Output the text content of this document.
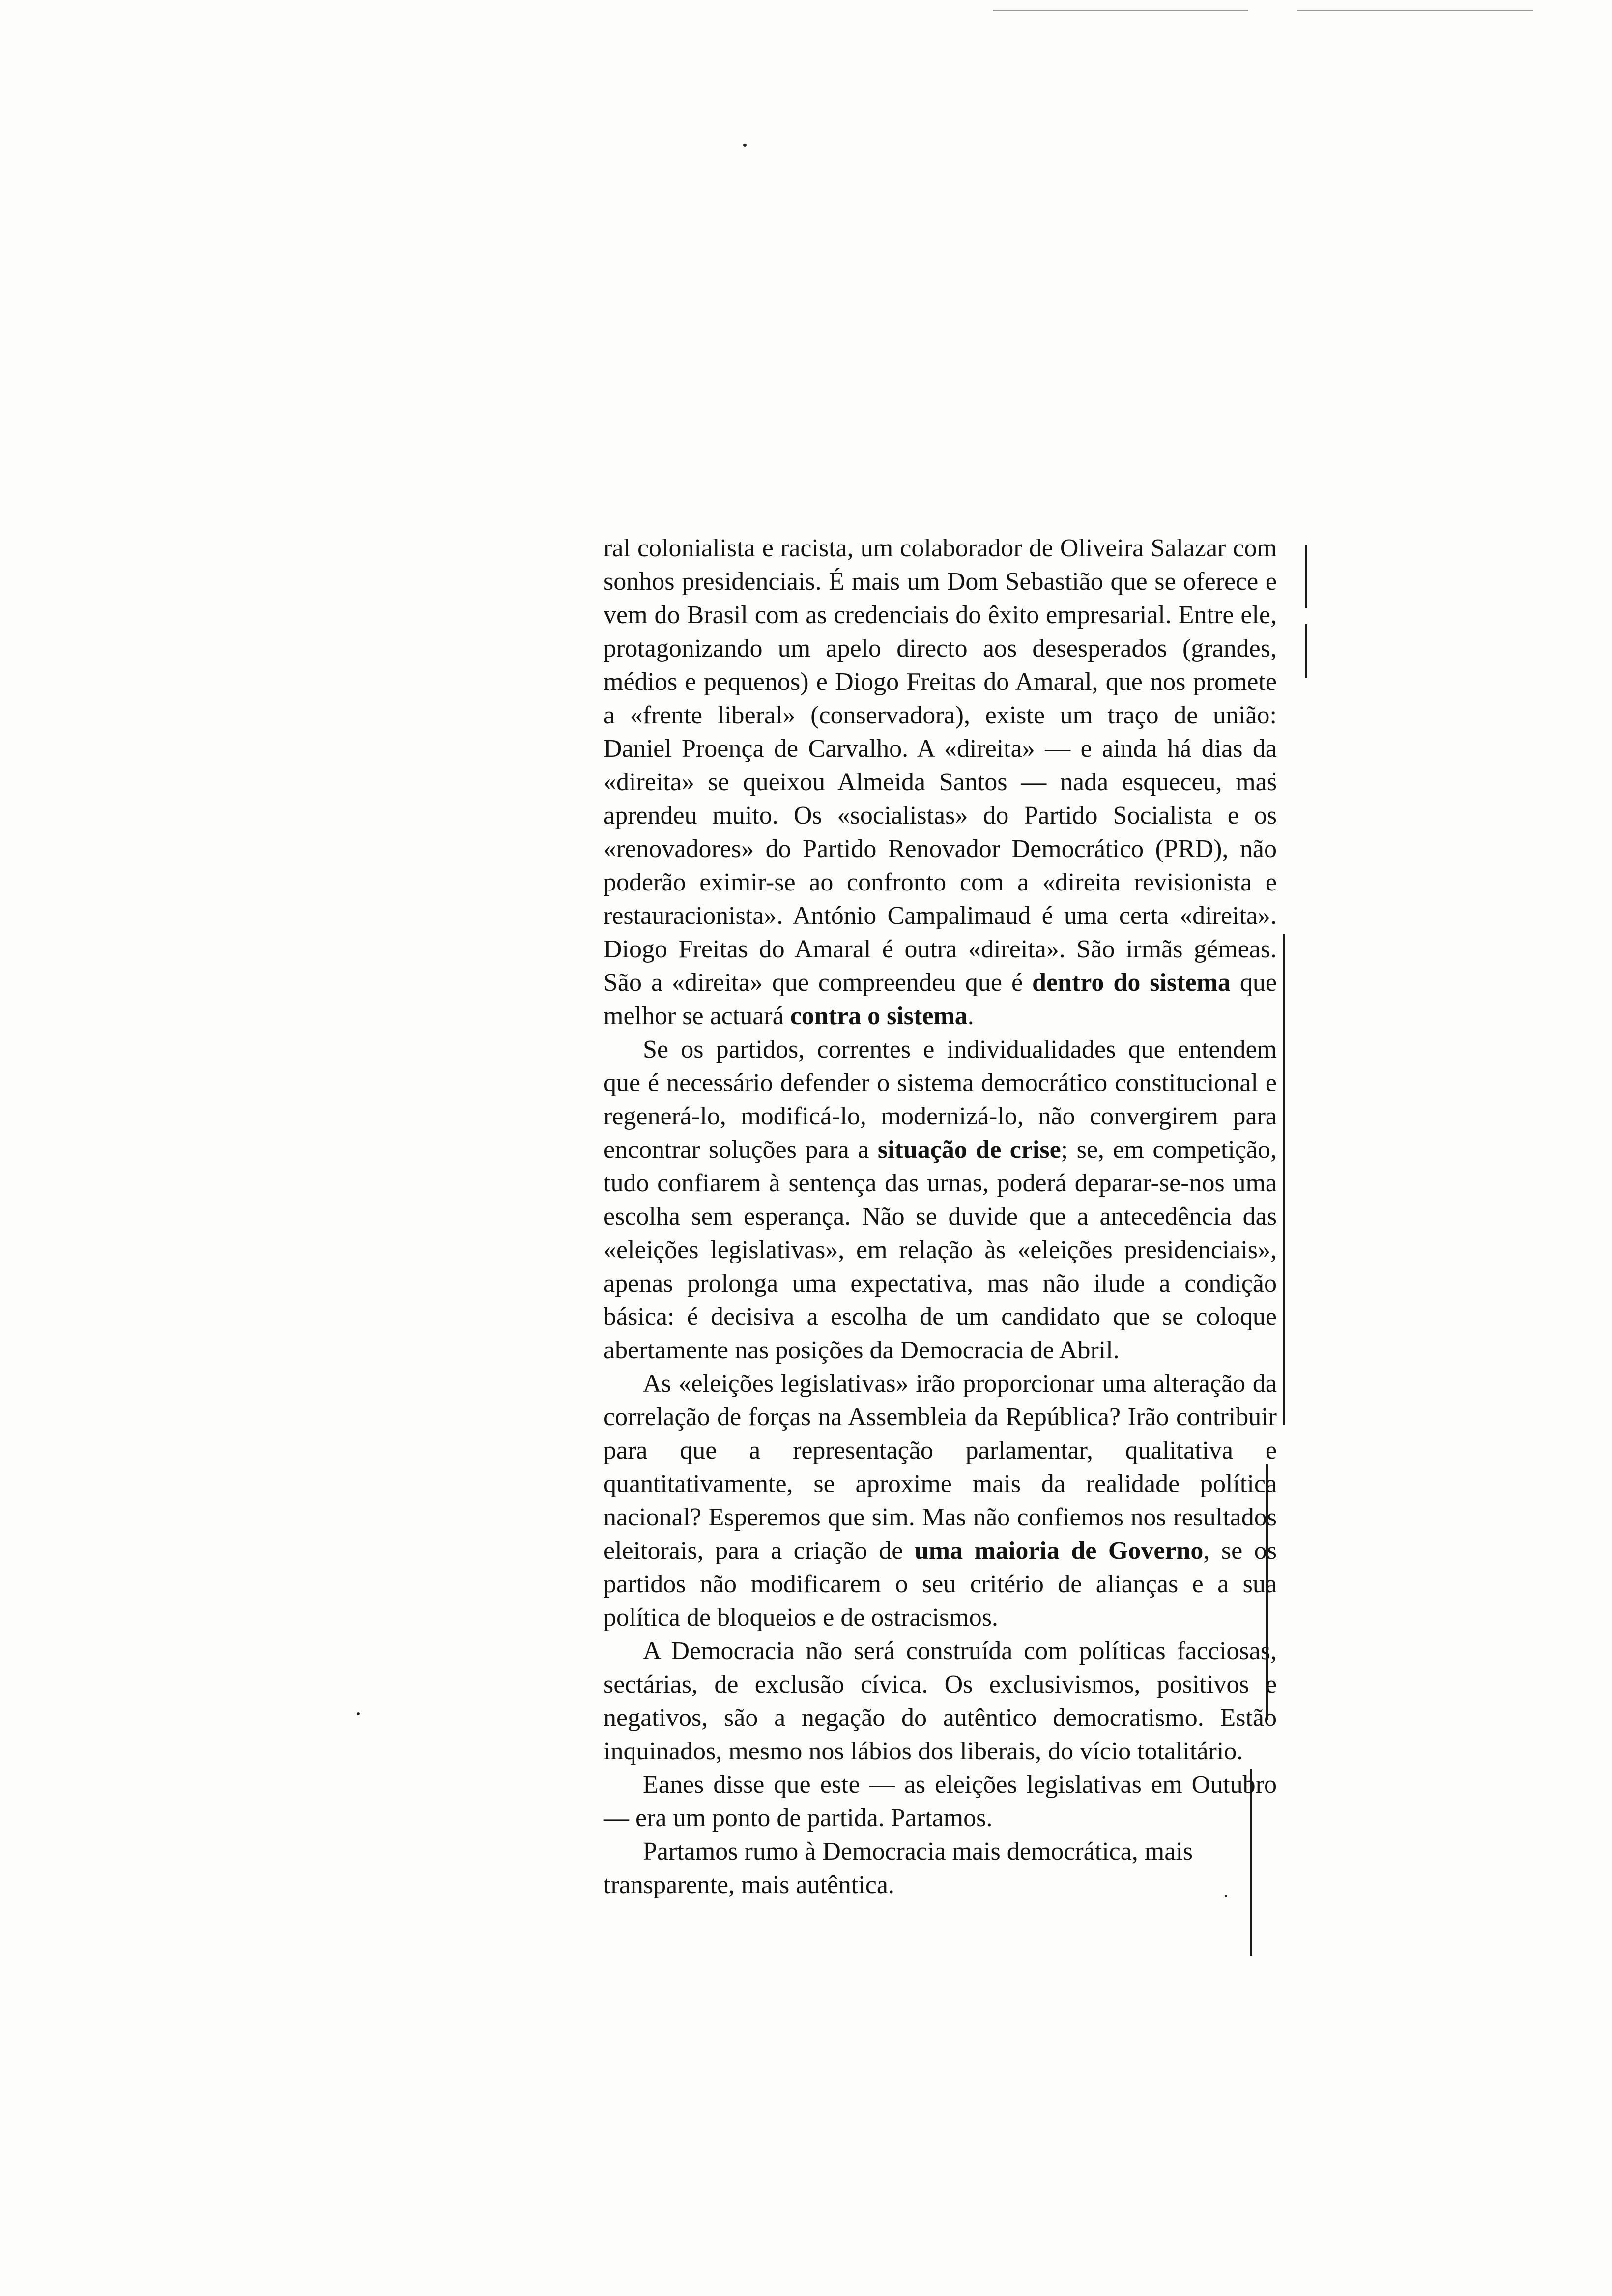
ral colonialista e racista, um colaborador de Oliveira Salazar com sonhos presidenciais. É mais um Dom Sebastião que se oferece e vem do Brasil com as credenciais do êxito empresarial. Entre ele, protagonizando um apelo directo aos desesperados (grandes, médios e pequenos) e Diogo Freitas do Amaral, que nos promete a «frente liberal» (conservadora), existe um traço de união: Daniel Proença de Carvalho. A «direita» — e ainda há dias da «direita» se queixou Almeida Santos — nada esqueceu, mas aprendeu muito. Os «socialistas» do Partido Socialista e os «renovadores» do Partido Renovador Democrático (PRD), não poderão eximir-se ao confronto com a «direita revisionista e restauracionista». António Campalimaud é uma certa «direita». Diogo Freitas do Amaral é outra «direita». São irmãs gémeas. São a «direita» que compreendeu que é dentro do sistema que melhor se actuará contra o sistema.

Se os partidos, correntes e individualidades que entendem que é necessário defender o sistema democrático constitucional e regenerá-lo, modificá-lo, modernizá-lo, não convergirem para encontrar soluções para a situação de crise; se, em competição, tudo confiarem à sentença das urnas, poderá deparar-se-nos uma escolha sem esperança. Não se duvide que a antecedência das «eleições legislativas», em relação às «eleições presidenciais», apenas prolonga uma expectativa, mas não ilude a condição básica: é decisiva a escolha de um candidato que se coloque abertamente nas posições da Democracia de Abril.

As «eleições legislativas» irão proporcionar uma alteração da correlação de forças na Assembleia da República? Irão contribuir para que a representação parlamentar, qualitativa e quantitativamente, se aproxime mais da realidade política nacional? Esperemos que sim. Mas não confiemos nos resultados eleitorais, para a criação de uma maioria de Governo, se os partidos não modificarem o seu critério de alianças e a sua política de bloqueios e de ostracismos.

A Democracia não será construída com políticas facciosas, sectárias, de exclusão cívica. Os exclusivismos, positivos e negativos, são a negação do autêntico democratismo. Estão inquinados, mesmo nos lábios dos liberais, do vício totalitário.

Eanes disse que este — as eleições legislativas em Outubro — era um ponto de partida. Partamos.

Partamos rumo à Democracia mais democrática, mais transparente, mais autêntica.
